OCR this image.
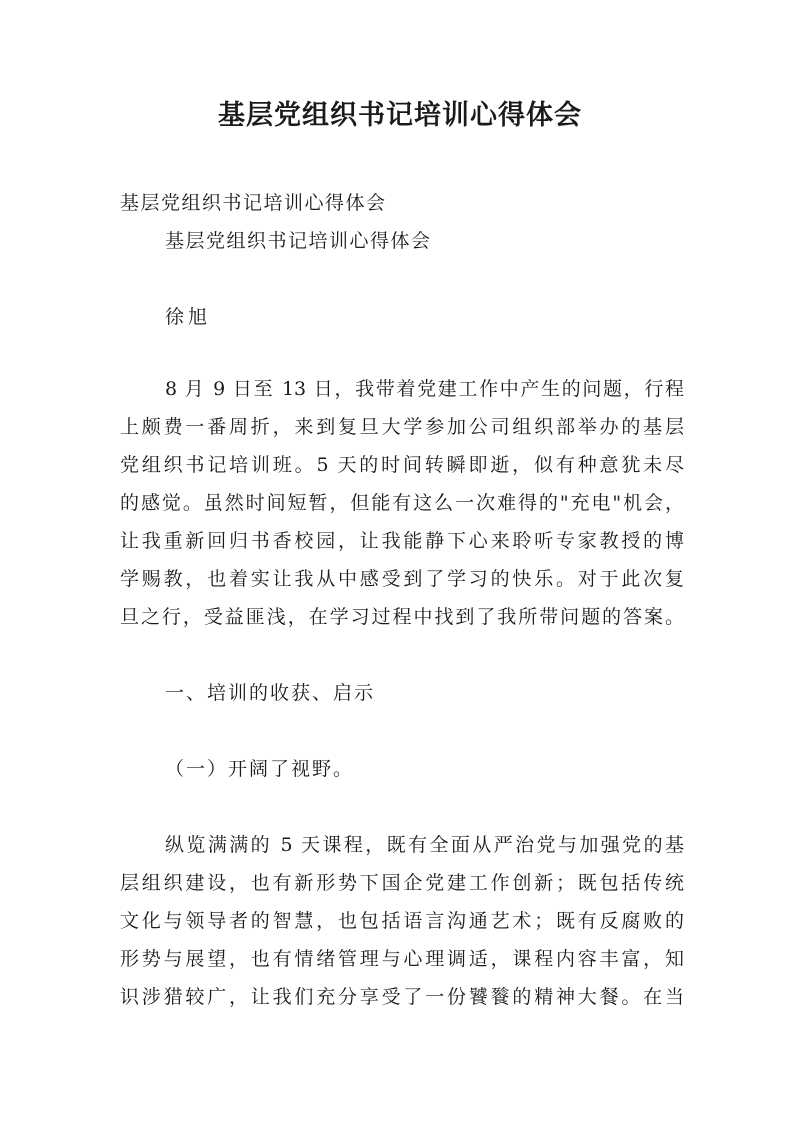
基层党组织书记培训心得体会

基层党组织书记培训心得体会

基层党组织书记培训心得体会

徐旭

8 月 9 日至 13 日，我带着党建工作中产生的问题，行程
上颇费一番周折，来到复旦大学参加公司组织部举办的基层
党组织书记培训班。5 天的时间转瞬即逝，似有种意犹未尽
的感觉。虽然时间短暂，但能有这么一次难得的"充电"机会，
让我重新回归书香校园，让我能静下心来聆听专家教授的博
学赐教，也着实让我从中感受到了学习的快乐。对于此次复
旦之行，受益匪浅，在学习过程中找到了我所带问题的答案。

一、培训的收获、启示

（一）开阔了视野。

纵览满满的 5 天课程，既有全面从严治党与加强党的基
层组织建设，也有新形势下国企党建工作创新；既包括传统
文化与领导者的智慧，也包括语言沟通艺术；既有反腐败的
形势与展望，也有情绪管理与心理调适，课程内容丰富，知
识涉猎较广，让我们充分享受了一份饕餮的精神大餐。在当
